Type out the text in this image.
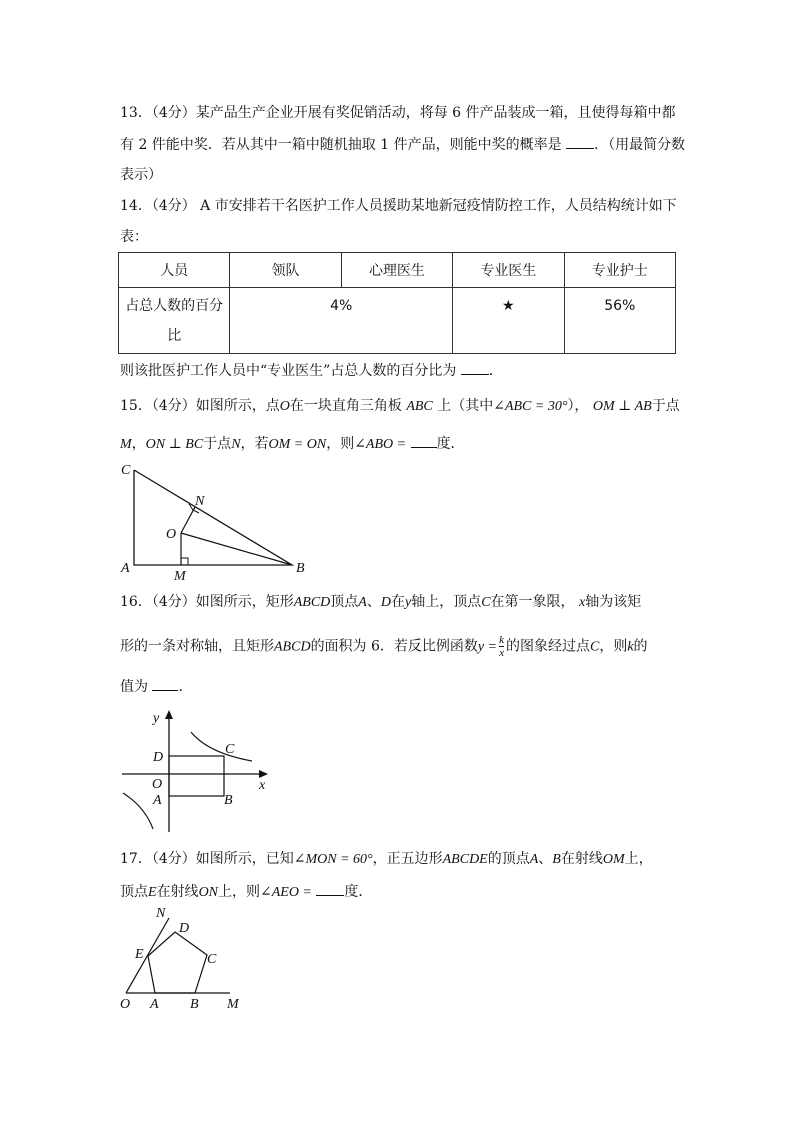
13．（4分）某产品生产企业开展有奖促销活动，将每 6 件产品装成一箱，且使得每箱中都
有 2 件能中奖．若从其中一箱中随机抽取 1 件产品，则能中奖的概率是 ．（用最简分数
表示）
14．（4分） A 市安排若干名医护工作人员援助某地新冠疫情防控工作，人员结构统计如下
表：
人员	领队	心理医生	专业医生	专业护士
占总人数的百分
比	4%		★	56%
则该批医护工作人员中“专业医生”占总人数的百分比为 ．
15．（4分）如图所示，点O在一块直角三角板 ABC 上（其中∠ABC = 30°）， OM ⊥ AB于点
M，ON ⊥ BC于点N，若OM = ON，则∠ABO = 度．
C
N
O
A
M
B
16．（4分）如图所示，矩形ABCD顶点A、D在y轴上，顶点C在第一象限， x轴为该矩
形的一条对称轴，且矩形ABCD的面积为 6．若反比例函数$y = \frac{k}{x}$ 的图象经过点C，则k的
值为 ．
y
x
D
C
O
A	B
17．（4分）如图所示，已知∠MON = 60°，正五边形ABCDE的顶点A、B在射线OM上，
顶点E在射线ON上，则∠AEO = 度．
N
D
E	C
O A B M
